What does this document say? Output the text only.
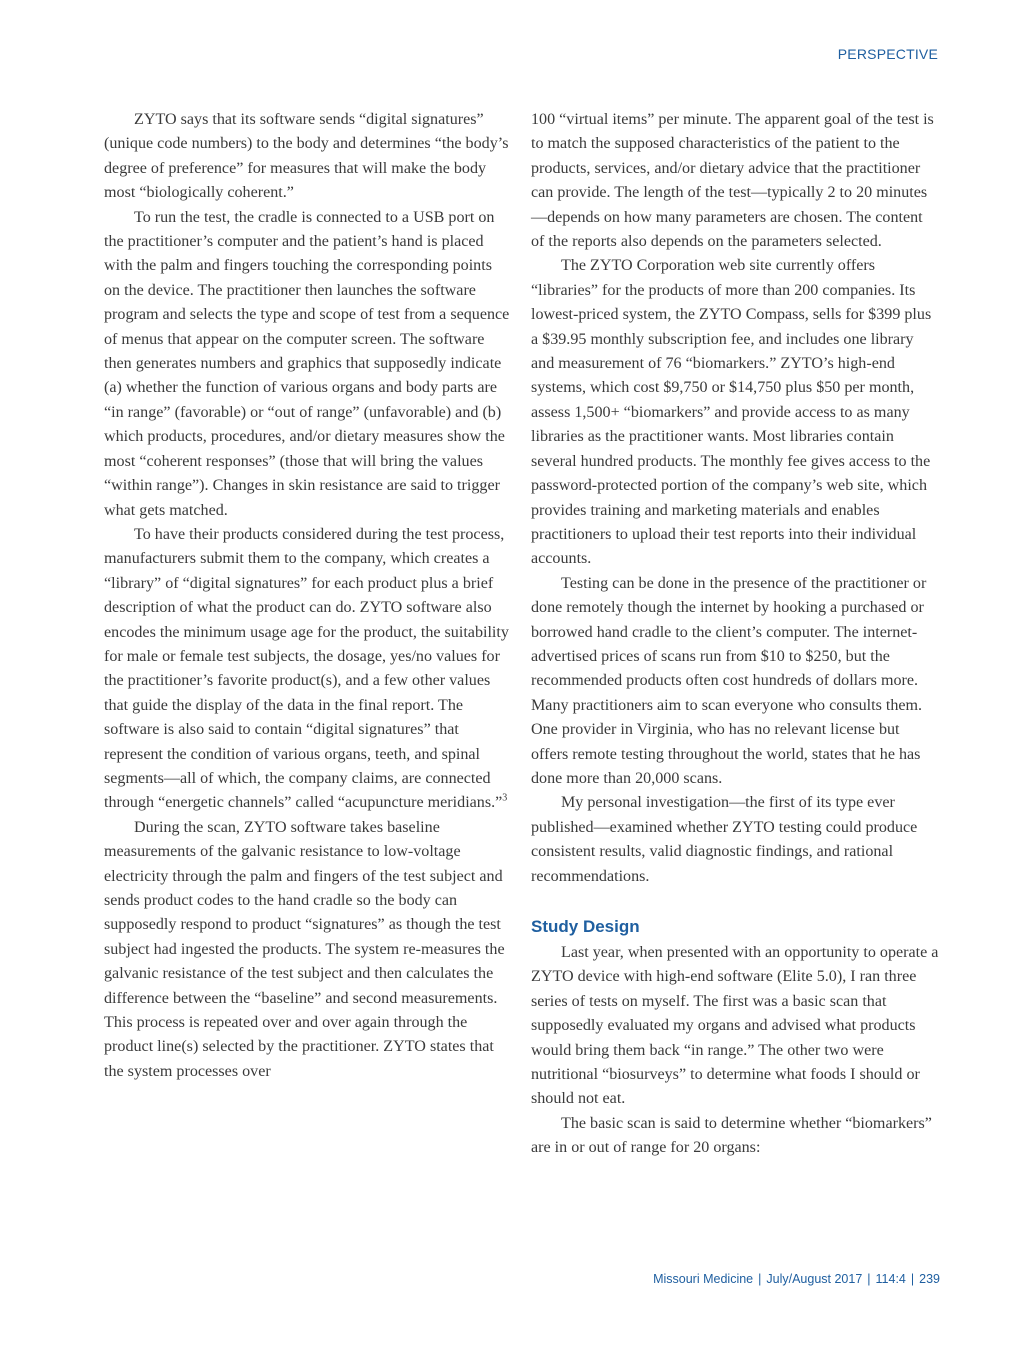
PERSPECTIVE

ZYTO says that its software sends “digital signatures” (unique code numbers) to the body and determines “the body’s degree of preference” for measures that will make the body most “biologically coherent.”

To run the test, the cradle is connected to a USB port on the practitioner’s computer and the patient’s hand is placed with the palm and fingers touching the corresponding points on the device. The practitioner then launches the software program and selects the type and scope of test from a sequence of menus that appear on the computer screen. The software then generates numbers and graphics that supposedly indicate (a) whether the function of various organs and body parts are “in range” (favorable) or “out of range” (unfavorable) and (b) which products, procedures, and/or dietary measures show the most “coherent responses” (those that will bring the values “within range”). Changes in skin resistance are said to trigger what gets matched.

To have their products considered during the test process, manufacturers submit them to the company, which creates a “library” of “digital signatures” for each product plus a brief description of what the product can do. ZYTO software also encodes the minimum usage age for the product, the suitability for male or female test subjects, the dosage, yes/no values for the practitioner’s favorite product(s), and a few other values that guide the display of the data in the final report. The software is also said to contain “digital signatures” that represent the condition of various organs, teeth, and spinal segments—all of which, the company claims, are connected through “energetic channels” called “acupuncture meridians.”$^3$

During the scan, ZYTO software takes baseline measurements of the galvanic resistance to low-voltage electricity through the palm and fingers of the test subject and sends product codes to the hand cradle so the body can supposedly respond to product “signatures” as though the test subject had ingested the products. The system re-measures the galvanic resistance of the test subject and then calculates the difference between the “baseline” and second measurements. This process is repeated over and over again through the product line(s) selected by the practitioner. ZYTO states that the system processes over

100 “virtual items” per minute. The apparent goal of the test is to match the supposed characteristics of the patient to the products, services, and/or dietary advice that the practitioner can provide. The length of the test—typically 2 to 20 minutes—depends on how many parameters are chosen. The content of the reports also depends on the parameters selected.

The ZYTO Corporation web site currently offers “libraries” for the products of more than 200 companies. Its lowest-priced system, the ZYTO Compass, sells for $399 plus a $39.95 monthly subscription fee, and includes one library and measurement of 76 “biomarkers.” ZYTO’s high-end systems, which cost $9,750 or $14,750 plus $50 per month, assess 1,500+ “biomarkers” and provide access to as many libraries as the practitioner wants. Most libraries contain several hundred products. The monthly fee gives access to the password-protected portion of the company’s web site, which provides training and marketing materials and enables practitioners to upload their test reports into their individual accounts.

Testing can be done in the presence of the practitioner or done remotely though the internet by hooking a purchased or borrowed hand cradle to the client’s computer. The internet-advertised prices of scans run from $10 to $250, but the recommended products often cost hundreds of dollars more. Many practitioners aim to scan everyone who consults them. One provider in Virginia, who has no relevant license but offers remote testing throughout the world, states that he has done more than 20,000 scans.

My personal investigation—the first of its type ever published—examined whether ZYTO testing could produce consistent results, valid diagnostic findings, and rational recommendations.

Study Design

Last year, when presented with an opportunity to operate a ZYTO device with high-end software (Elite 5.0), I ran three series of tests on myself. The first was a basic scan that supposedly evaluated my organs and advised what products would bring them back “in range.” The other two were nutritional “biosurveys” to determine what foods I should or should not eat.

The basic scan is said to determine whether “biomarkers” are in or out of range for 20 organs:

Missouri Medicine | July/August 2017 | 114:4 | 239
